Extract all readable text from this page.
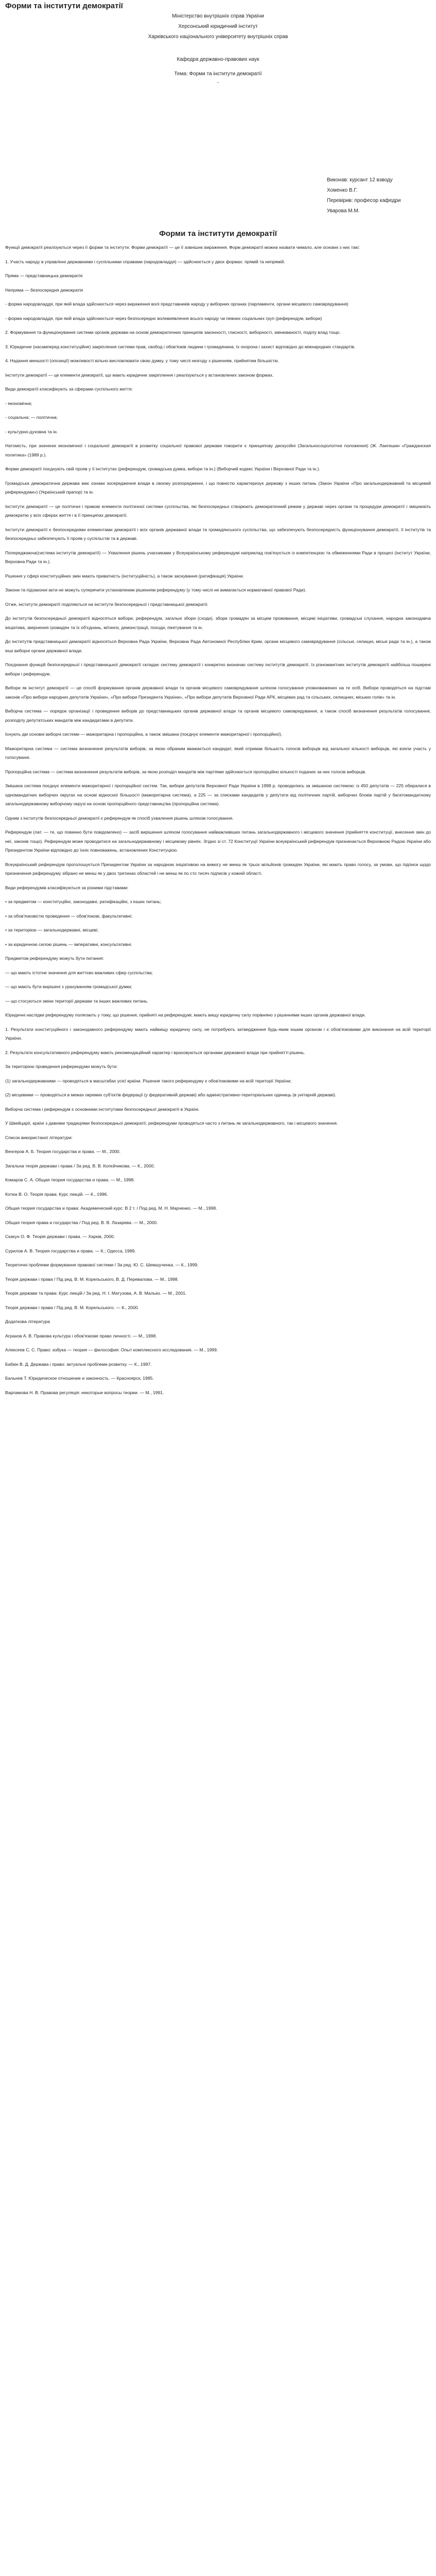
Форми та інститути демократії
Міністерство внутрішніх справ України
Херсонський юридичний інститут
Харківського національного університету внутрішніх справ
Кафедра державно-правових наук
Тема: Форми та інститути демократії
-
Виконав: курсант 12 взводу
Хоменко В.Г.
Перевірив: професор кафедри
Уварова М.М.
Форми та інститути демократії

Функції демократії реалізуються через її форми та інститути. Форми демократії — це її зовнішнє вираження. Форм демократії можна назвати чимало, але основні з них такі:

1. Участь народу в управлінні державними і суспільними справами (народовладдя) — здійснюється у двох формах: прямій та непрямій.

Пряма — представницька демократія

Непряма — безпосередня демократія

- форма народовладдя, при якій влада здійснюється через вираження волі представників народу у виборних органах (парламенти, органи місцевого самоврядування)

- форма народовладдя, при якій влада здійснюється через безпосереднє волевиявлення всього народу чи певних соціальних груп (референдум, вибори)

2. Формування та функціонування системи органів держави на основі демократичних принципів законності, гласності, виборності, змінюваності, поділу влад тощо.

3. Юридичне (насамперед конституційне) закріплення системи прав, свобод і обов'язків людини і громадянина, їх охорона і захист відповідно до міжнародних стандартів.

4. Надання меншості (опозиції) можливості вільно висловлювати свою думку, у тому числі незгоду з рішенням, прийнятим більшістю.

Інститути демократії — це елементи демократії, що мають юридичне закріплення і реалізуються у встановлених законом формах.

Види демократії класифікують за сферами суспільного життя:

- економічна;

- соціальна; — політична;

- культурно-духовна та ін.

Натомість, при значенні економічної і соціальної демократії в розвитку соціальної правової держави говорити є принципову дискусійні (Загальносоціологічні положення) (Ж. Лангешин «Гражданская политика» (1989 р.).

Форми демократії поєднують свій прояв у її інститутах (референдум, громадська думка, вибори та ін.) (Виборчий кодекс України і Верховної Ради та ін.).

Громадська демократична держава має ознаки зосередження влади в своєму розпорядженні, і що повністю характеризує державу з інших питань (Закон України «Про загальнодержавний та місцевий референдуми») (Український прапор) та ін.

Інститути демократії — це політичні і правові елементи політичної системи суспільства, які безпосередньо створюють демократичний режим у державі через органи та процедури демократії і зміцнюють демократію у всіх сферах життя і в її принципах демократії.

Інститути демократії є безпосередніми елементами демократії і всіх органів державної влади та громадянського суспільства, що забезпечують безпосередність функціонування демократії, її інститутів та безпосередньо забезпечують її прояв у суспільстві та в державі.

Попереджаюча(система інститутів демократії) — Ухвалення рішень учасниками у Всеукраїнському референдумі наприклад пов'язується із компетенцією та обмеженнями Ради в процесі (інститут України, Верховна Ради та ін.).

Рішення у сфері конституційних змін мають приватність (інституційність), а також заснування (ратифікація) України.

Закони та підзаконні акти не можуть суперечити установленим рішенням референдуму (у тому числі не вимагається нормативної правової Ради).

Отже, інститути демократії поділяються на інститути безпосередньої і представницької демократії.

До інститутів безпосередньої демократії відносяться вибори, референдум, загальні збори (сходи), збори громадян за місцем проживання, місцеві ініціативи, громадські слухання, народна законодавча ініціатива, звернення громадян та їх об'єднань, мітинги, демонстрації, походи, пікетування та ін.

До інститутів представницької демократії відносяться Верховна Рада України, Верховна Рада Автономної Республіки Крим, органи місцевого самоврядування (сільські, селищні, міські ради та ін.), а також інші виборні органи державної влади.

Поєднання функцій безпосередньої і представницької демократії складає систему демократії і конкретно визначає систему інститутів демократії. Із різноманітних інститутів демократії найбільш поширені вибори і референдум.

Вибори як інститут демократії — це спосіб формування органів державної влади та органів місцевого самоврядування шляхом голосування уповноважених на те осіб. Вибори проводяться на підставі законів «Про вибори народних депутатів України», «Про вибори Президента України», «Про вибори депутатів Верховної Ради АРК, місцевих рад та сільських, селищних, міських голів» та ін.

Виборча система — порядок організації і проведення виборів до представницьких органів державної влади та органів місцевого самоврядування, а також спосіб визначення результатів голосування, розподілу депутатських мандатів між кандидатами в депутати.

Існують дві основні виборчі системи — мажоритарна і пропорційна, а також змішана (поєднує елементи мажоритарної і пропорційної).

Мажоритарна система — система визначення результатів виборів, за якою обраним вважається кандидат, який отримав більшість голосів виборців від загальної кількості виборців, які взяли участь у голосуванні.

Пропорційна система — система визначення результатів виборів, за якою розподіл мандатів між партіями здійснюється пропорційно кількості поданих за них голосів виборців.

Змішана система поєднує елементи мажоритарної і пропорційної систем. Так, вибори депутатів Верховної Ради України в 1998 р. проводились за змішаною системою: із 450 депутатів — 225 обиралися в одномандатних виборчих округах на основі відносної більшості (мажоритарна система), а 225 — за списками кандидатів у депутати від політичних партій, виборчих блоків партій у багатомандатному загальнодержавному виборчому окрузі на основі пропорційного представництва (пропорційна система).

Одним з інститутів безпосередньої демократії є референдум як спосіб ухвалення рішень шляхом голосування.

Референдум (лат. — те, що повинно бути повідомлено) — засіб вирішення шляхом голосування найважливіших питань загальнодержавного і місцевого значення (прийняття конституції, внесення змін до неї, законів тощо). Референдум може проводитися на загальнодержавному і місцевому рівнях. Згідно зі ст. 72 Конституції України всеукраїнський референдум призначається Верховною Радою України або Президентом України відповідно до їхніх повноважень, встановлених Конституцією.

Всеукраїнський референдум проголошується Президентом України за народною ініціативою на вимогу не менш як трьох мільйонів громадян України, які мають право голосу, за умови, що підписи щодо призначення референдуму зібрано не менш як у двох третинах областей і не менш як по сто тисяч підписів у кожній області.

Види референдумів класифікуються за різними підставами:

• за предметом — конституційні, законодавчі, ратифікаційні, з інших питань;

• за обов'язковістю проведення — обов'язкові, факультативні;

• за територією — загальнодержавні, місцеві;

• за юридичною силою рішень — імперативні, консультативні.

Предметом референдуму можуть бути питання:

— що мають істотне значення для життєво важливих сфер суспільства;

— що мають бути вирішені з урахуванням громадської думки;

— що стосуються зміни території держави та інших важливих питань.

Юридичні наслідки референдуму полягають у тому, що рішення, прийняті на референдумі, мають вищу юридичну силу порівняно з рішеннями інших органів державної влади.

1. Результати конституційного і законодавчого референдуму мають найвищу юридичну силу, не потребують затвердження будь-яким іншим органом і є обов'язковими для виконання на всій території України.

2. Результати консультативного референдуму мають рекомендаційний характер і враховуються органами державної влади при прийнятті рішень.

За територією проведення референдуми можуть бути:

(1) загальнодержавними — проводяться в масштабах усієї країни. Рішення такого референдуму є обов'язковими на всій території України;

(2) місцевими — проводяться в межах окремих суб'єктів федерації (у федеративній державі) або адміністративно-територіальних одиниць (в унітарній державі).

Виборча система і референдум є основними інститутами безпосередньої демократії в Україні.

У Швейцарії, країні з давніми традиціями безпосередньої демократії, референдуми проводяться часто з питань як загальнодержавного, так і місцевого значення.

Список використаної літератури:

Венгеров А. Б. Теория государства и права. — М., 2000.

Загальна теорія держави і права / За ред. В. В. Копєйчикова. — К., 2000.

Комаров С. А. Общая теория государства и права. — М., 1998.

Котюк В. О. Теорія права: Курс лекцій. — К., 1996.

Общая теория государства и права: Академический курс: В 2 т. / Под ред. М. Н. Марченко. — М., 1998.

Общая теория права и государства / Под ред. В. В. Лазарева. — М., 2000.

Скакун О. Ф. Теорія держави і права. — Харків, 2000.

Сурилов А. В. Теория государства и права. — К.; Одесса, 1989.

Теоретичні проблеми формування правової системи / За ред. Ю. С. Шемшученка. — К., 1999.

Теорія держави і права / Під ред. В. М. Корельського, В. Д. Перевалова. — М., 1998.

Теорія держави та права: Курс лекцій / За ред. Н. І. Матузова, А. В. Малько. — М., 2001.

Теорія держави і права / Під ред. В. М. Корельського. — К., 2000.

Додаткова література

Агранов А. В. Правова культура і обов'язкове право личності. — М., 1998.

Алексеев С. С. Право: азбука — теория — философия: Опыт комплексного исследования. — М., 1999.

Бабкін В. Д. Держава і право: актуальні проблеми розвитку. — К., 1997.

Бальнев Т. Юридическое отношение и законность. — Красноярск, 1985.

Варламова Н. В. Правова регуляція: некоторые вопросы теории. — М., 1991.
